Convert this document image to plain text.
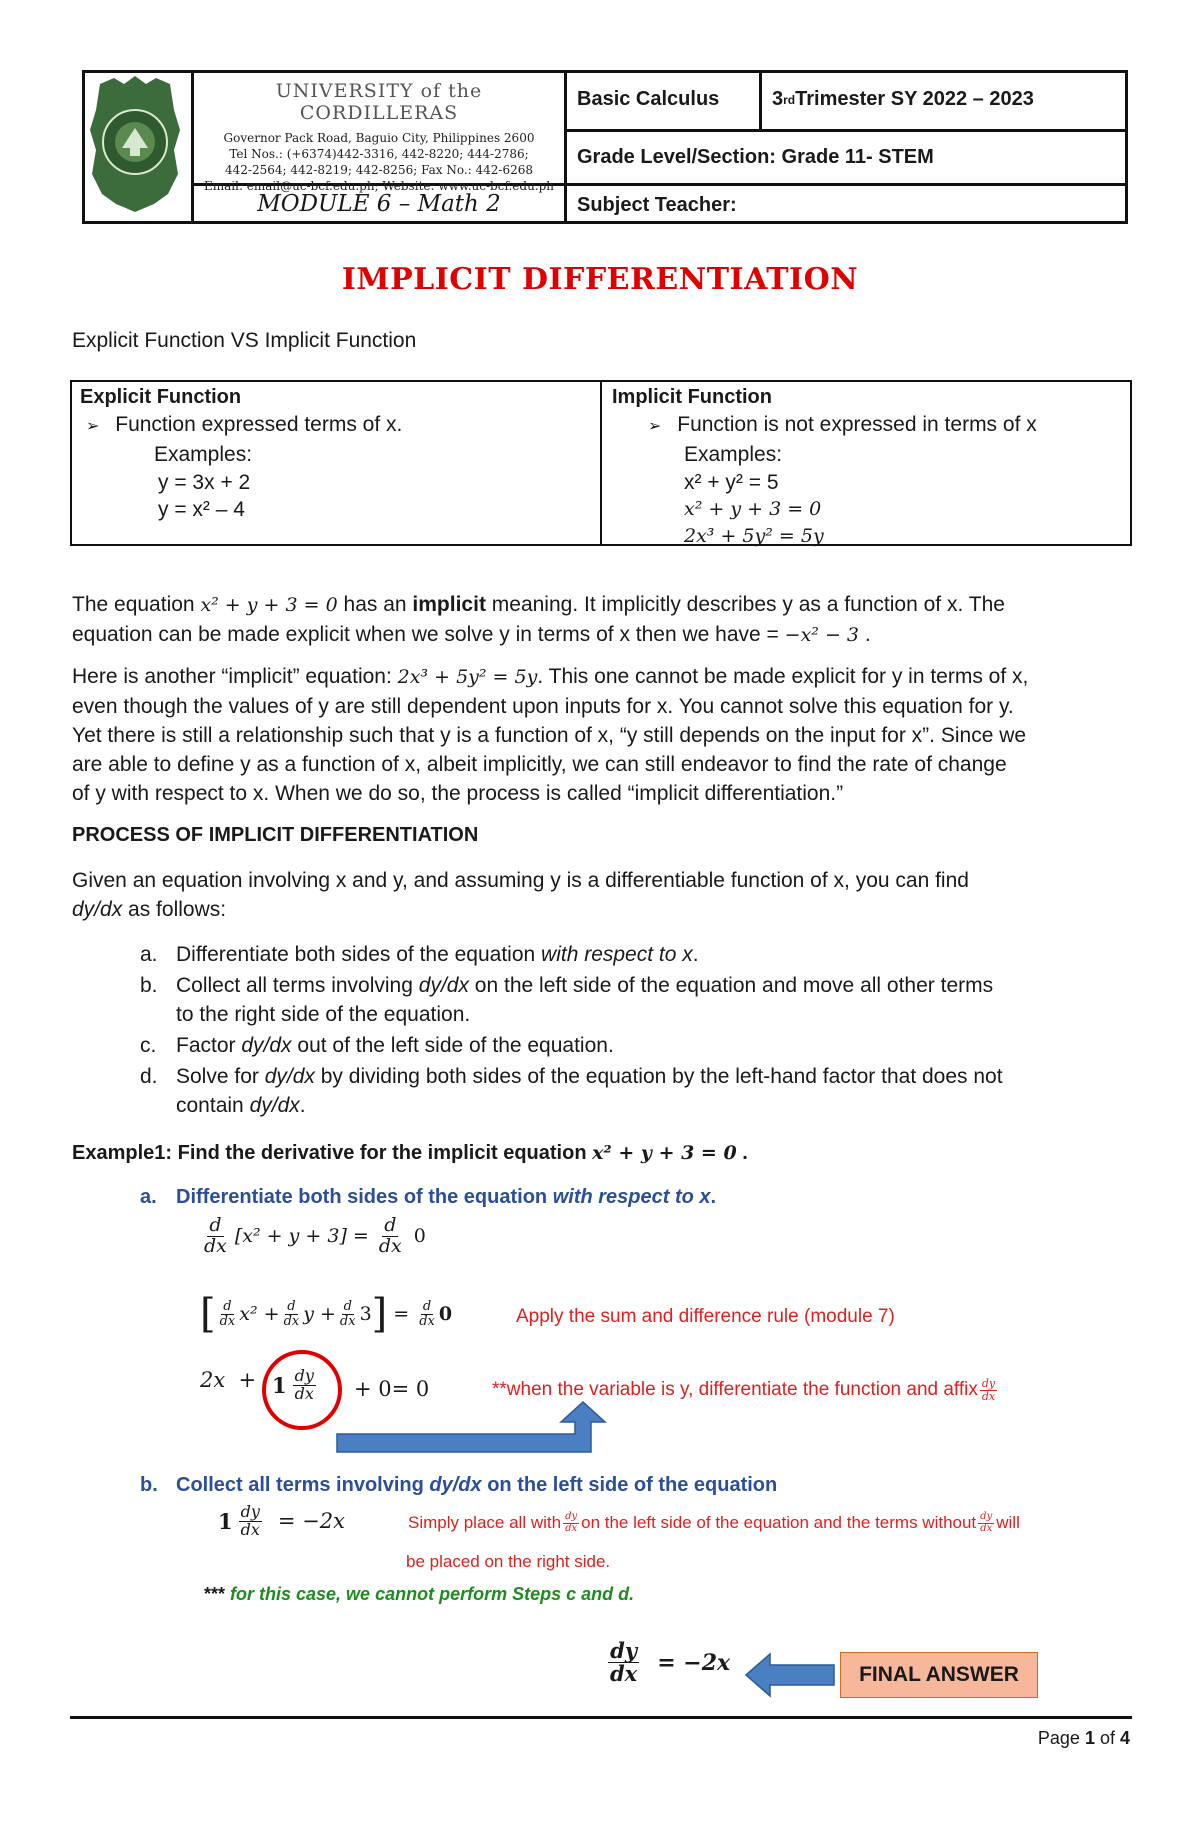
UNIVERSITY of the CORDILLERAS
Governor Pack Road, Baguio City, Philippines 2600
Tel Nos.: (+6374)442-3316, 442-8220; 444-2786;
442-2564; 442-8219; 442-8256; Fax No.: 442-6268
Email: email@uc-bcf.edu.ph; Website: www.uc-bcf.edu.ph
MODULE 6 – Math 2
Basic Calculus	3 rd Trimester SY 2022 – 2023
Grade Level/Section: Grade 11- STEM
Subject Teacher:
IMPLICIT DIFFERENTIATION
Explicit Function VS Implicit Function
Explicit Function
➢ Function expressed terms of x.
Examples:
y = 3x + 2
y = x² – 4
Implicit Function
➢ Function is not expressed in terms of x
Examples:
x² + y² = 5
x² + y + 3 = 0
2x³ + 5y² = 5y
The equation x² + y + 3 = 0 has an implicit meaning. It implicitly describes y as a function of x. The
equation can be made explicit when we solve y in terms of x then we have = −x² − 3 .
Here is another “implicit” equation: 2x³ + 5y² = 5y. This one cannot be made explicit for y in terms of x,
even though the values of y are still dependent upon inputs for x. You cannot solve this equation for y.
Yet there is still a relationship such that y is a function of x, “y still depends on the input for x”. Since we
are able to define y as a function of x, albeit implicitly, we can still endeavor to find the rate of change
of y with respect to x. When we do so, the process is called “implicit differentiation.”
PROCESS OF IMPLICIT DIFFERENTIATION
Given an equation involving x and y, and assuming y is a differentiable function of x, you can find
dy/dx as follows:
a. Differentiate both sides of the equation with respect to x.
b. Collect all terms involving dy/dx on the left side of the equation and move all other terms
to the right side of the equation.
c. Factor dy/dx out of the left side of the equation.
d. Solve for dy/dx by dividing both sides of the equation by the left-hand factor that does not
contain dy/dx.
Example1: Find the derivative for the implicit equation x² + y + 3 = 0 .
a. Differentiate both sides of the equation with respect to x.
$\frac{d}{dx} [x^2 + y + 3] = \frac{d}{dx} 0$
[ $\frac{d}{dx} x^2 + \frac{d}{dx}$ $y + \frac{d}{dx} 3$ ] = $\frac{d}{dx} 0$	Apply the sum and difference rule (module 7)
$2x + 1 \frac{dy}{dx} + 0= 0$	**when the variable is y, differentiate the function and affix $\frac{dy}{dx}$
b. Collect all terms involving dy/dx on the left side of the equation
$1 \frac{dy}{dx} = -2x$	Simply place all with $\frac{dy}{dx}$ on the left side of the equation and the terms without $\frac{dy}{dx}$ will
be placed on the right side.
*** for this case, we cannot perform Steps c and d.
$\frac{dy}{dx} = -2x$	FINAL ANSWER
Page 1 of 4
